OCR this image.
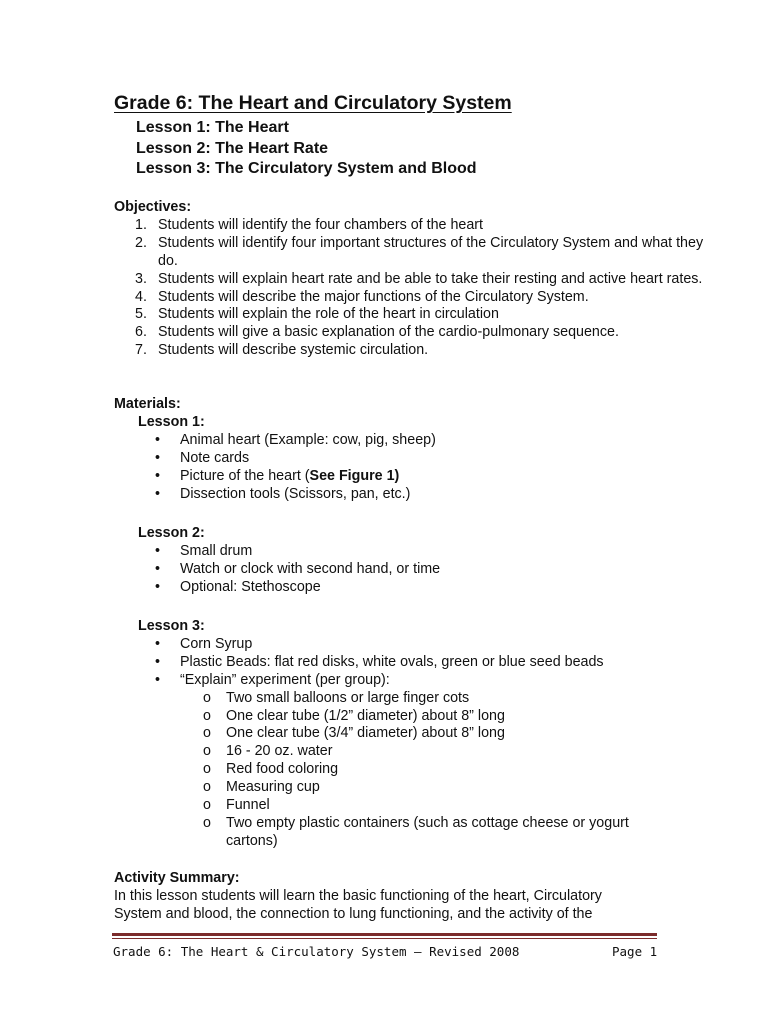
Grade 6: The Heart and Circulatory System
Lesson 1: The Heart
Lesson 2: The Heart Rate
Lesson 3: The Circulatory System and Blood
Objectives:
1. Students will identify the four chambers of the heart
2. Students will identify four important structures of the Circulatory System and what they do.
3. Students will explain heart rate and be able to take their resting and active heart rates.
4. Students will describe the major functions of the Circulatory System.
5. Students will explain the role of the heart in circulation
6. Students will give a basic explanation of the cardio-pulmonary sequence.
7. Students will describe systemic circulation.
Materials:
Lesson 1:
• Animal heart (Example: cow, pig, sheep)
• Note cards
• Picture of the heart (See Figure 1)
• Dissection tools (Scissors, pan, etc.)
Lesson 2:
• Small drum
• Watch or clock with second hand, or time
• Optional: Stethoscope
Lesson 3:
• Corn Syrup
• Plastic Beads: flat red disks, white ovals, green or blue seed beads
• “Explain” experiment (per group):
o Two small balloons or large finger cots
o One clear tube (1/2” diameter) about 8” long
o One clear tube (3/4” diameter) about 8” long
o 16 - 20 oz. water
o Red food coloring
o Measuring cup
o Funnel
o Two empty plastic containers (such as cottage cheese or yogurt cartons)
Activity Summary:
In this lesson students will learn the basic functioning of the heart, Circulatory System and blood, the connection to lung functioning, and the activity of the
Grade 6: The Heart & Circulatory System – Revised 2008	Page 1
